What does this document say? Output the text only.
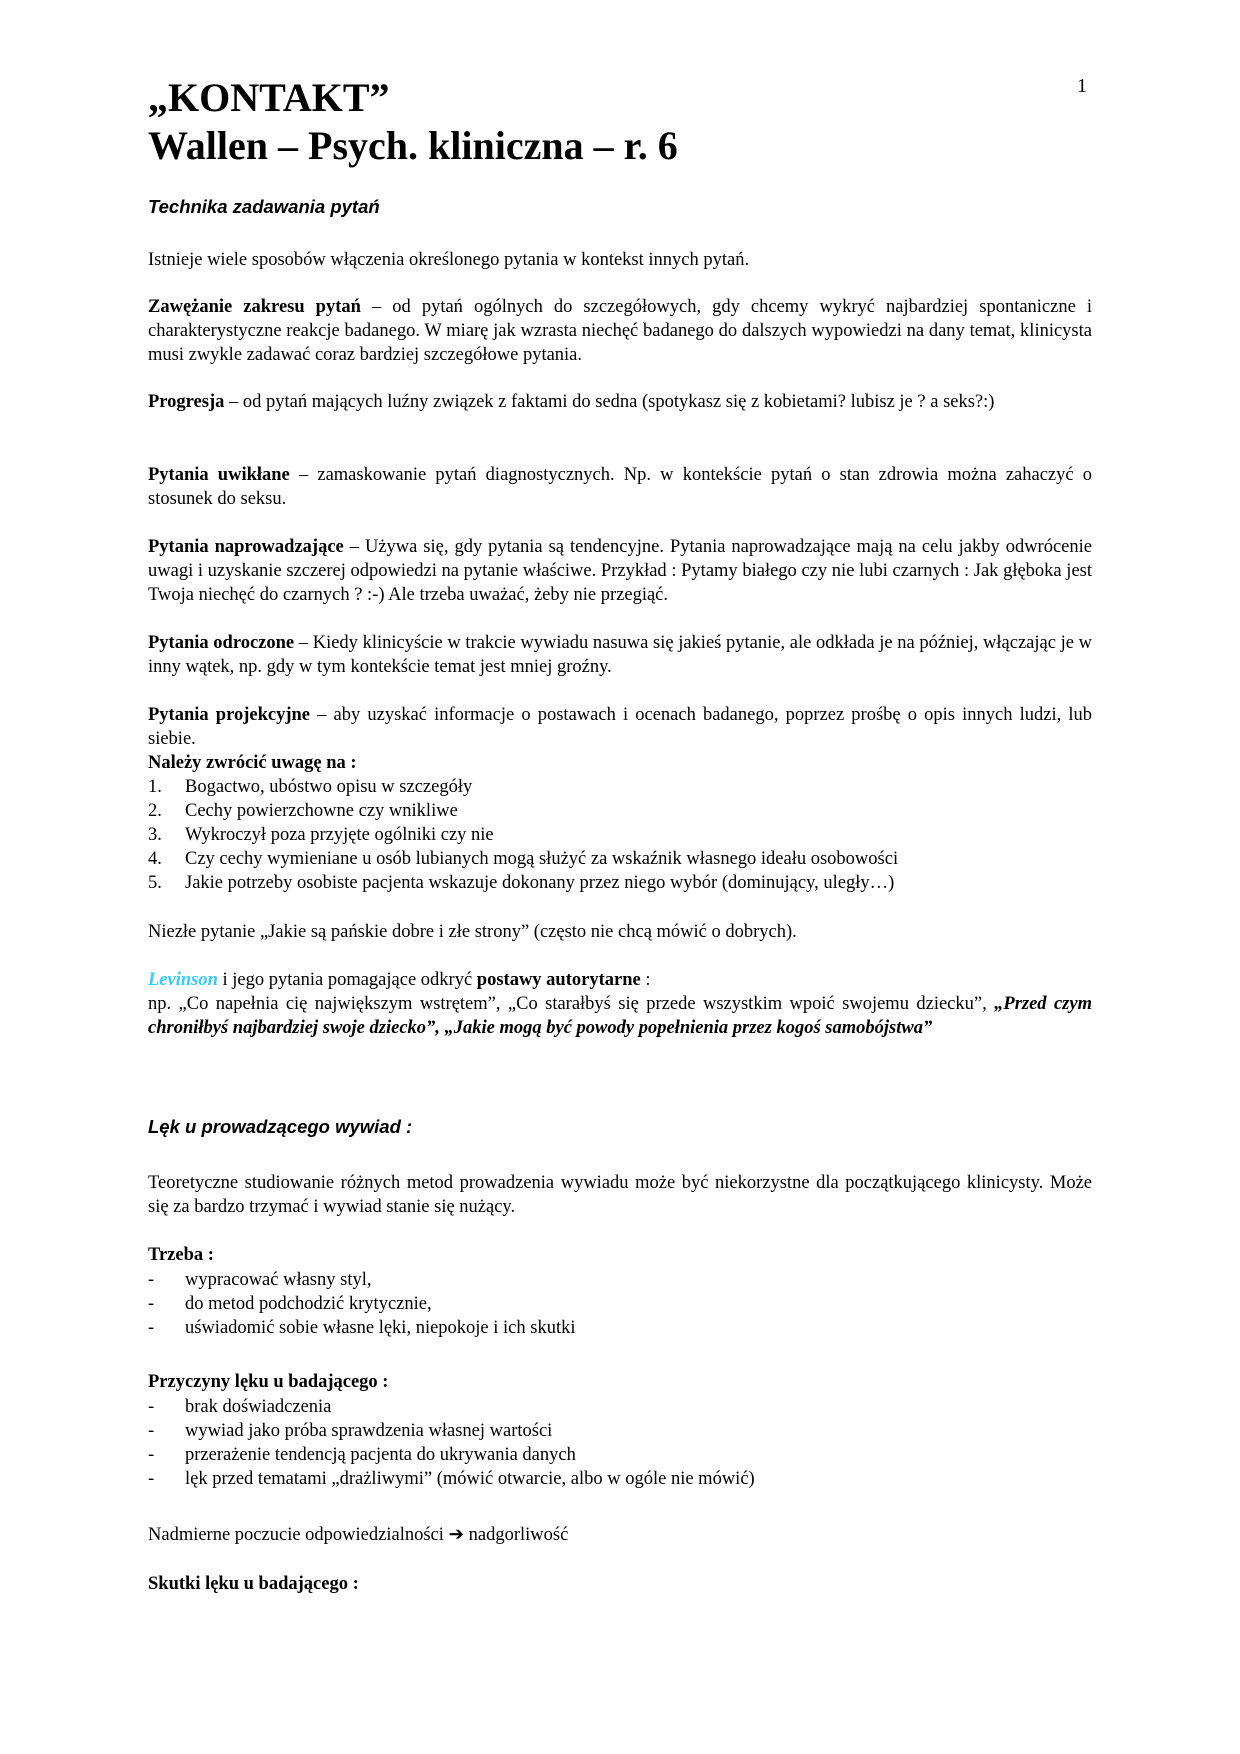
1
„KONTAKT”
Wallen – Psych. kliniczna – r. 6
Technika zadawania pytań

Istnieje wiele sposobów włączenia określonego pytania w kontekst innych pytań.

Zawężanie zakresu pytań – od pytań ogólnych do szczegółowych, gdy chcemy wykryć najbardziej spontaniczne i charakterystyczne reakcje badanego. W miarę jak wzrasta niechęć badanego do dalszych wypowiedzi na dany temat, klinicysta musi zwykle zadawać coraz bardziej szczegółowe pytania.

Progresja – od pytań mających luźny związek z faktami do sedna (spotykasz się z kobietami? lubisz je ? a seks?:)

Pytania uwikłane – zamaskowanie pytań diagnostycznych. Np. w kontekście pytań o stan zdrowia można zahaczyć o stosunek do seksu.

Pytania naprowadzające – Używa się, gdy pytania są tendencyjne. Pytania naprowadzające mają na celu jakby odwrócenie uwagi i uzyskanie szczerej odpowiedzi na pytanie właściwe. Przykład : Pytamy białego czy nie lubi czarnych : Jak głęboka jest Twoja niechęć do czarnych ? :-) Ale trzeba uważać, żeby nie przegiąć.

Pytania odroczone – Kiedy klinicyście w trakcie wywiadu nasuwa się jakieś pytanie, ale odkłada je na później, włączając je w inny wątek, np. gdy w tym kontekście temat jest mniej groźny.

Pytania projekcyjne – aby uzyskać informacje o postawach i ocenach badanego, poprzez prośbę o opis innych ludzi, lub siebie.

Należy zwrócić uwagę na :
1. Bogactwo, ubóstwo opisu w szczegóły
2. Cechy powierzchowne czy wnikliwe
3. Wykroczył poza przyjęte ogólniki czy nie
4. Czy cechy wymieniane u osób lubianych mogą służyć za wskaźnik własnego ideału osobowości
5. Jakie potrzeby osobiste pacjenta wskazuje dokonany przez niego wybór (dominujący, uległy…)

Niezłe pytanie „Jakie są pańskie dobre i złe strony” (często nie chcą mówić o dobrych).

Levinson i jego pytania pomagające odkryć postawy autorytarne :
np. „Co napełnia cię największym wstrętem”, „Co starałbyś się przede wszystkim wpoić swojemu dziecku”, „Przed czym chroniłbyś najbardziej swoje dziecko”, „Jakie mogą być powody popełnienia przez kogoś samobójstwa”

Lęk u prowadzącego wywiad :

Teoretyczne studiowanie różnych metod prowadzenia wywiadu może być niekorzystne dla początkującego klinicysty. Może się za bardzo trzymać i wywiad stanie się nużący.

Trzeba :
- wypracować własny styl,
- do metod podchodzić krytycznie,
- uświadomić sobie własne lęki, niepokoje i ich skutki
Przyczyny lęku u badającego :
- brak doświadczenia
- wywiad jako próba sprawdzenia własnej wartości
- przerażenie tendencją pacjenta do ukrywania danych
- lęk przed tematami „drażliwymi” (mówić otwarcie, albo w ogóle nie mówić)

Nadmierne poczucie odpowiedzialności ➔ nadgorliwość

Skutki lęku u badającego :
